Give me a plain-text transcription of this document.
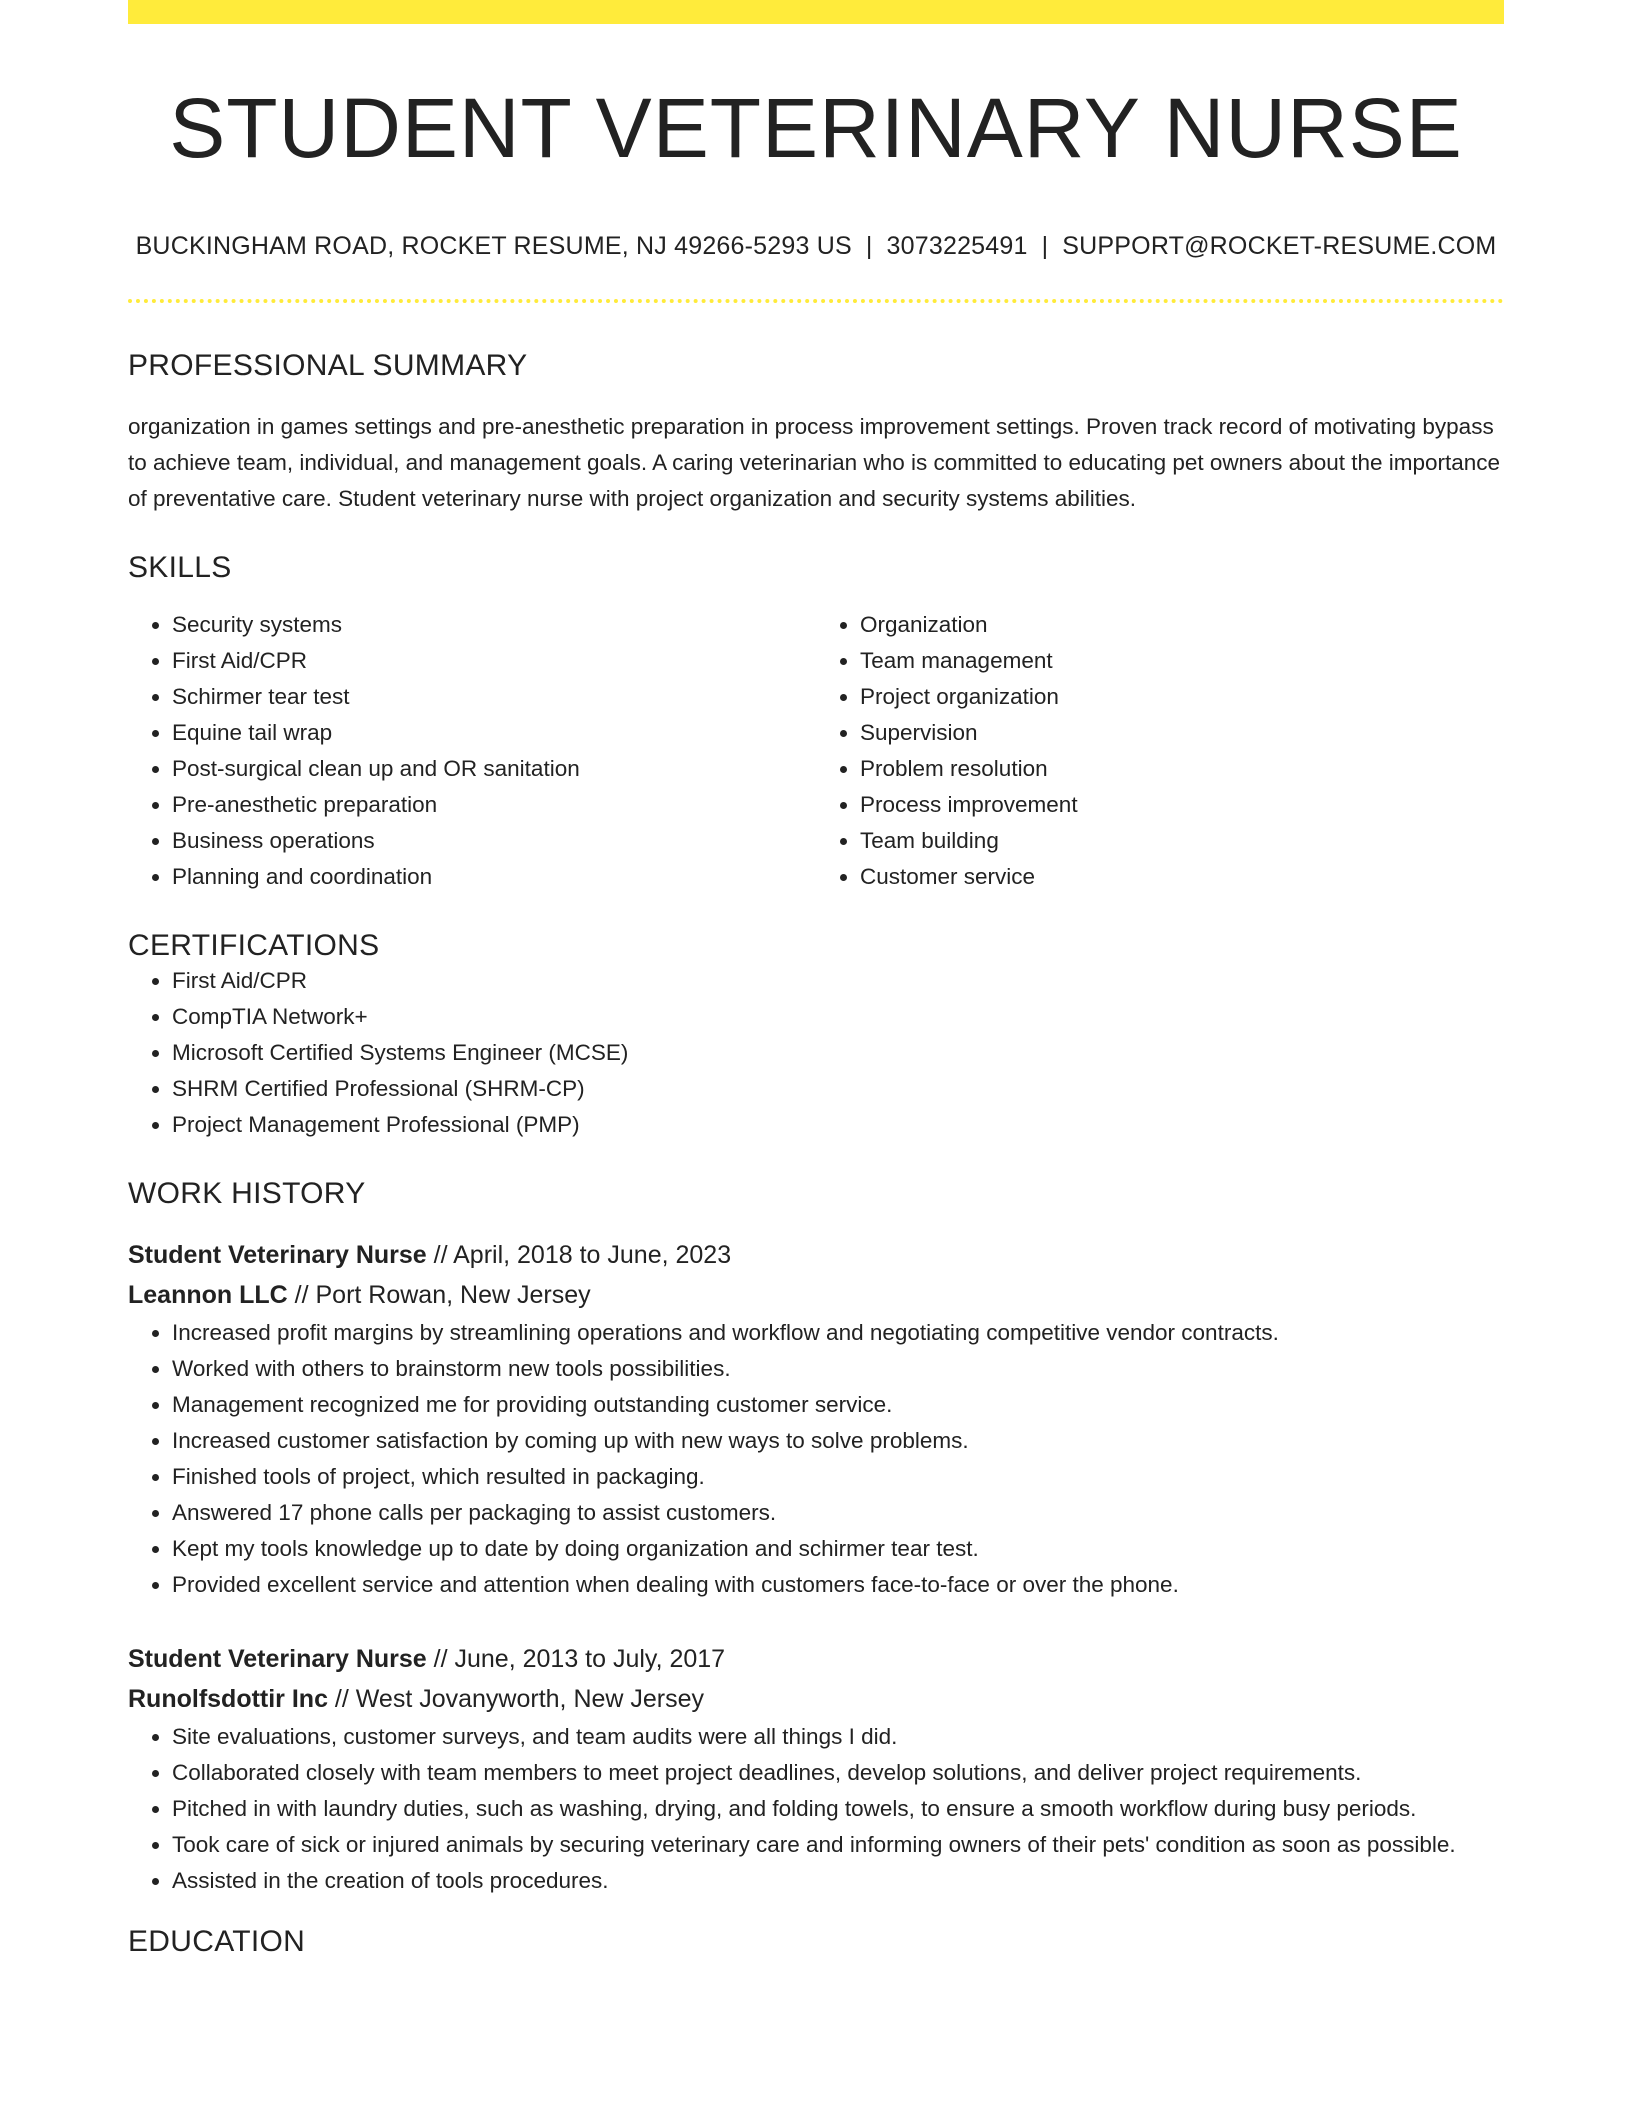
STUDENT VETERINARY NURSE
BUCKINGHAM ROAD, ROCKET RESUME, NJ 49266-5293 US | 3073225491 | SUPPORT@ROCKET-RESUME.COM
PROFESSIONAL SUMMARY

organization in games settings and pre-anesthetic preparation in process improvement settings. Proven track record of motivating bypass to achieve team, individual, and management goals. A caring veterinarian who is committed to educating pet owners about the importance of preventative care. Student veterinary nurse with project organization and security systems abilities.

SKILLS
• Security systems
• First Aid/CPR
• Schirmer tear test
• Equine tail wrap
• Post-surgical clean up and OR sanitation
• Pre-anesthetic preparation
• Business operations
• Planning and coordination
• Organization
• Team management
• Project organization
• Supervision
• Problem resolution
• Process improvement
• Team building
• Customer service
CERTIFICATIONS
• First Aid/CPR
• CompTIA Network+
• Microsoft Certified Systems Engineer (MCSE)
• SHRM Certified Professional (SHRM-CP)
• Project Management Professional (PMP)
WORK HISTORY
Student Veterinary Nurse // April, 2018 to June, 2023
Leannon LLC // Port Rowan, New Jersey
• Increased profit margins by streamlining operations and workflow and negotiating competitive vendor contracts.
• Worked with others to brainstorm new tools possibilities.
• Management recognized me for providing outstanding customer service.
• Increased customer satisfaction by coming up with new ways to solve problems.
• Finished tools of project, which resulted in packaging.
• Answered 17 phone calls per packaging to assist customers.
• Kept my tools knowledge up to date by doing organization and schirmer tear test.
• Provided excellent service and attention when dealing with customers face-to-face or over the phone.
Student Veterinary Nurse // June, 2013 to July, 2017
Runolfsdottir Inc // West Jovanyworth, New Jersey
• Site evaluations, customer surveys, and team audits were all things I did.
• Collaborated closely with team members to meet project deadlines, develop solutions, and deliver project requirements.
• Pitched in with laundry duties, such as washing, drying, and folding towels, to ensure a smooth workflow during busy periods.
• Took care of sick or injured animals by securing veterinary care and informing owners of their pets' condition as soon as possible.
• Assisted in the creation of tools procedures.
EDUCATION
